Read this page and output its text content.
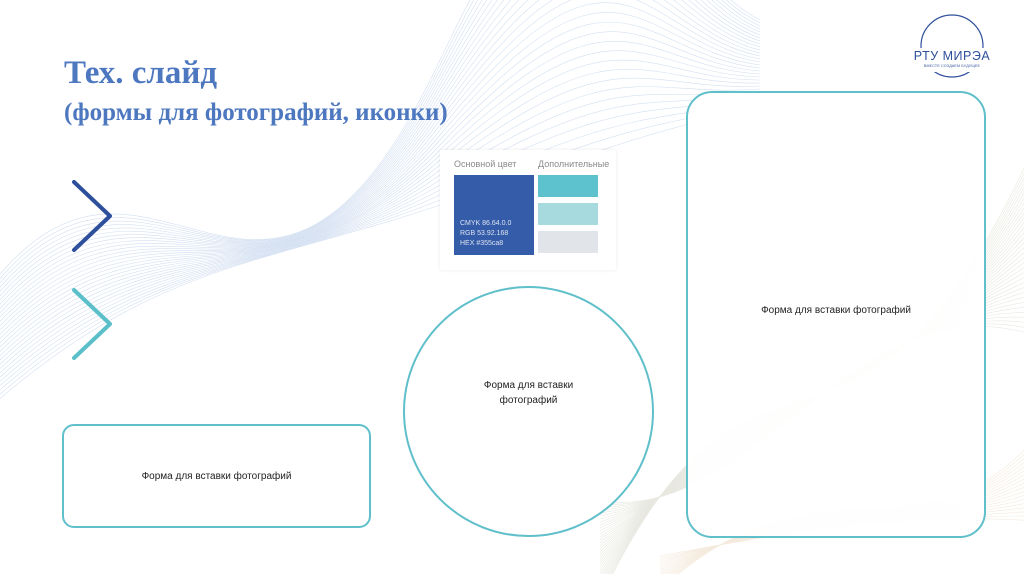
Тех. слайд
(формы для фотографий, иконки)
РТУ МИРЭА
ВМЕСТЕ СОЗДАЕМ БУДУЩЕЕ
Основной цвет Дополнительные
CMYK 86.64.0.0
RGB 53.92.168
HEX #355ca8
Форма для вставки фотографий
Форма для вставки фотографий
Форма для вставки фотографий
